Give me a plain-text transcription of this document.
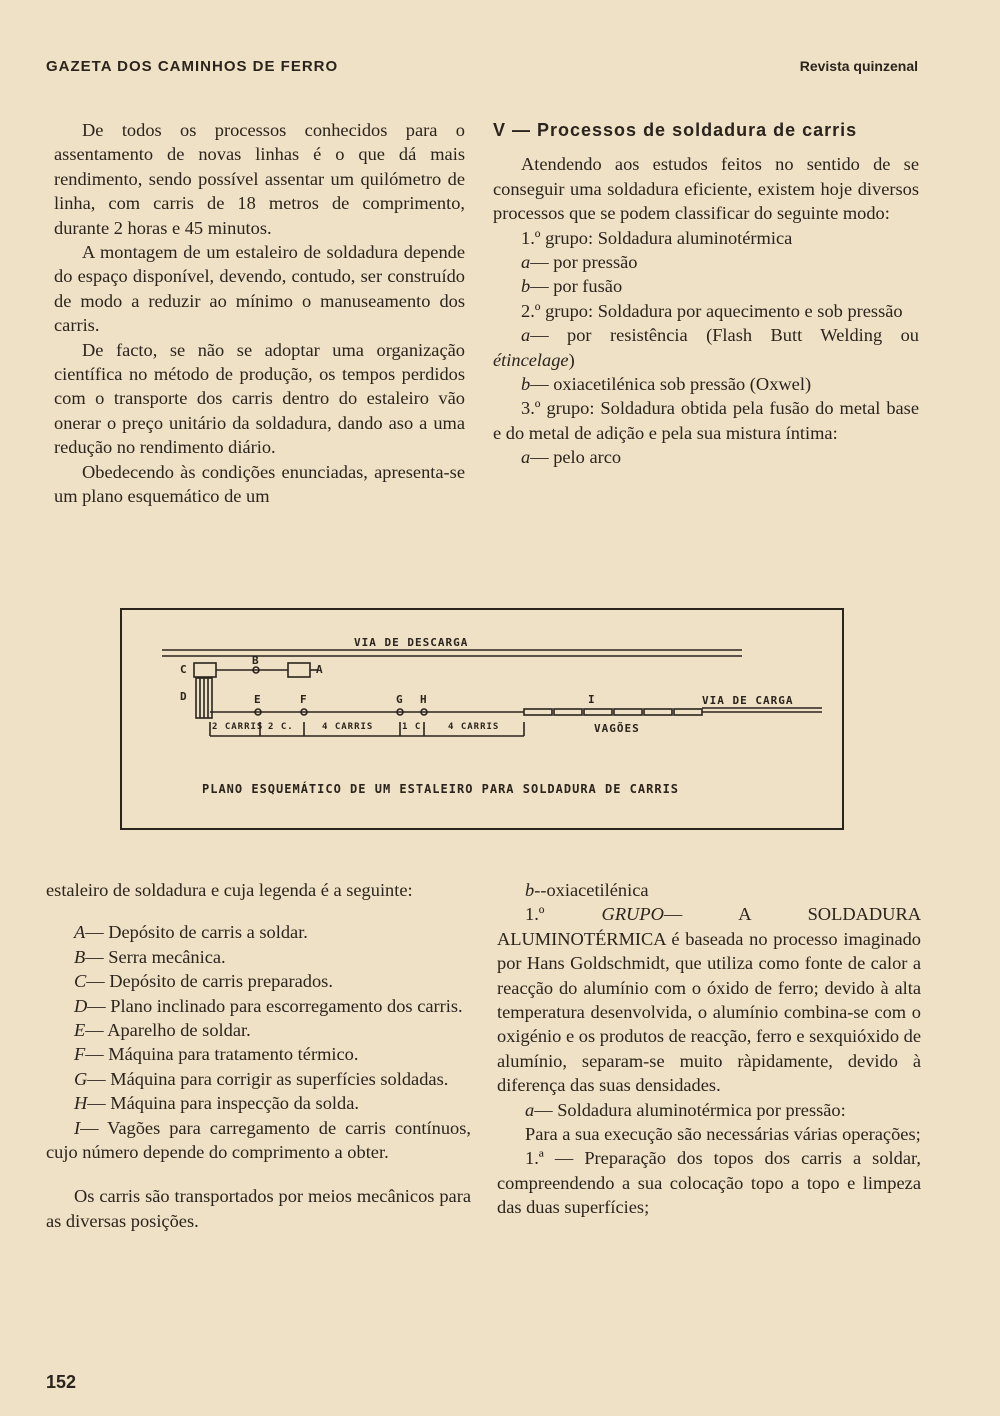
GAZETA DOS CAMINHOS DE FERRO	Revista quinzenal

De todos os processos conhecidos para o assentamento de novas linhas é o que dá mais rendimento, sendo possível assentar um quilómetro de linha, com carris de 18 metros de comprimento, durante 2 horas e 45 minutos.

A montagem de um estaleiro de soldadura depende do espaço disponível, devendo, contudo, ser construído de modo a reduzir ao mínimo o manuseamento dos carris.

De facto, se não se adoptar uma organização científica no método de produção, os tempos perdidos com o transporte dos carris dentro do estaleiro vão onerar o preço unitário da soldadura, dando aso a uma redução no rendimento diário.

Obedecendo às condições enunciadas, apresenta-se um plano esquemático de um

V — Processos de soldadura de carris

Atendendo aos estudos feitos no sentido de se conseguir uma soldadura eficiente, existem hoje diversos processos que se podem classificar do seguinte modo:

1.º grupo: Soldadura aluminotérmica

a— por pressão

b— por fusão

2.º grupo: Soldadura por aquecimento e sob pressão

a— por resistência (Flash Butt Welding ou étincelage)

b— oxiacetilénica sob pressão (Oxwel)

3.º grupo: Soldadura obtida pela fusão do metal base e do metal de adição e pela sua mistura íntima:

a— pelo arco

VIA DE DESCARGA
C
B
A
D	E	F	G H	I	VIA DE CARGA
2 CARRIS 2 C.	4 CARRIS	1 C. 4 CARRIS	VAGÕES
PLANO ESQUEMÁTICO DE UM ESTALEIRO PARA SOLDADURA DE CARRIS

estaleiro de soldadura e cuja legenda é a seguinte:

A— Depósito de carris a soldar.

B— Serra mecânica.

C— Depósito de carris preparados.

D— Plano inclinado para escorregamento dos carris.

E— Aparelho de soldar.

F— Máquina para tratamento térmico.

G— Máquina para corrigir as superfícies soldadas.

H— Máquina para inspecção da solda.

I— Vagões para carregamento de carris contínuos, cujo número depende do comprimento a obter.

Os carris são transportados por meios mecânicos para as diversas posições.

b--oxiacetilénica

1.º	GRUPO— A SOLDADURA ALUMINOTÉRMICA é baseada no processo imaginado por Hans Goldschmidt, que utiliza como fonte de calor a reacção do alumínio com o óxido de ferro; devido à alta temperatura desenvolvida, o alumínio combina-se com o oxigénio e os produtos de reacção, ferro e sexquióxido de alumínio, separam-se muito ràpidamente, devido à diferença das suas densidades.

a— Soldadura aluminotérmica por pressão:

Para a sua execução são necessárias várias operações;

1.ª — Preparação dos topos dos carris a soldar, compreendendo a sua colocação topo a topo e limpeza das duas superfícies;

152
